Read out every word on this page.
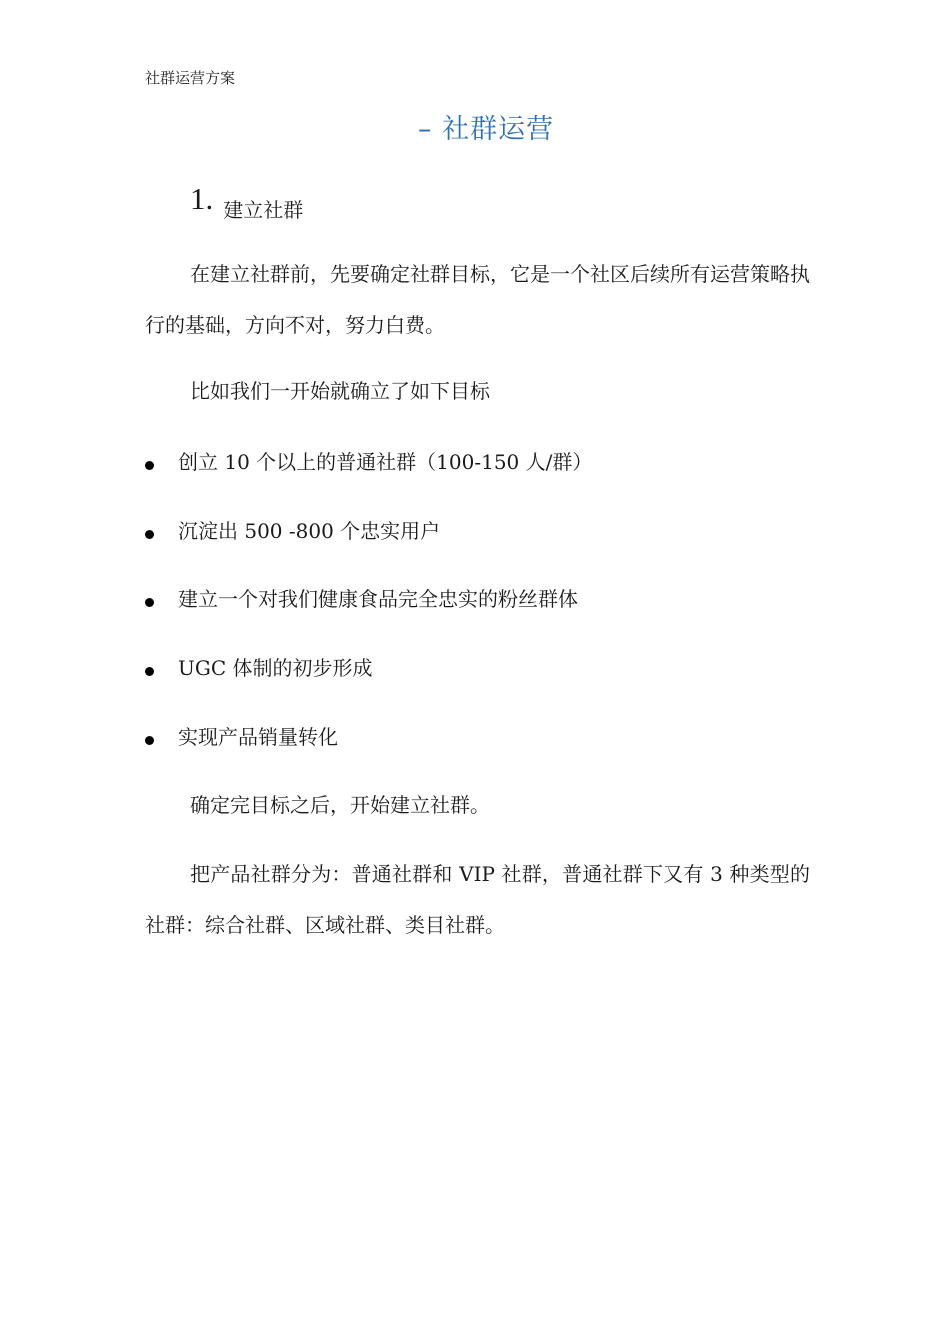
社群运营方案
– 社群运营
1. 建立社群

在建立社群前，先要确定社群目标，它是一个社区后续所有运营策略执行的基础，方向不对，努力白费。

比如我们一开始就确立了如下目标

创立 10 个以上的普通社群（100-150 人/群）
沉淀出 500 -800 个忠实用户
建立一个对我们健康食品完全忠实的粉丝群体
UGC 体制的初步形成
实现产品销量转化

确定完目标之后，开始建立社群。

把产品社群分为：普通社群和 VIP 社群，普通社群下又有 3 种类型的社群：综合社群、区域社群、类目社群。
